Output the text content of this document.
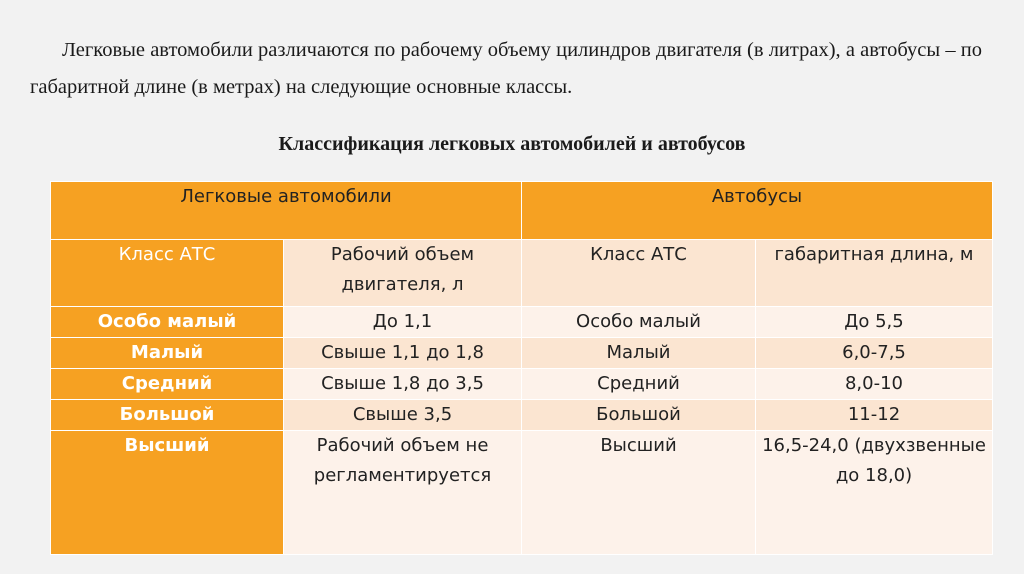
Легковые автомобили различаются по рабочему объему цилиндров двигателя (в литрах), а автобусы – по габаритной длине (в метрах) на следующие основные классы.
Классификация легковых автомобилей и автобусов
Легковые автомобили		Автобусы	
Класс АТС	Рабочий объем двигателя, л	Класс АТС	габаритная длина, м
Особо малый	До 1,1	Особо малый	До 5,5
Малый	Свыше 1,1 до 1,8	Малый	6,0-7,5
Средний	Свыше 1,8 до 3,5	Средний	8,0-10
Большой	Свыше 3,5	Большой	11-12
Высший	Рабочий объем не регламентируется	Высший	16,5-24,0 (двухзвенные до 18,0)
